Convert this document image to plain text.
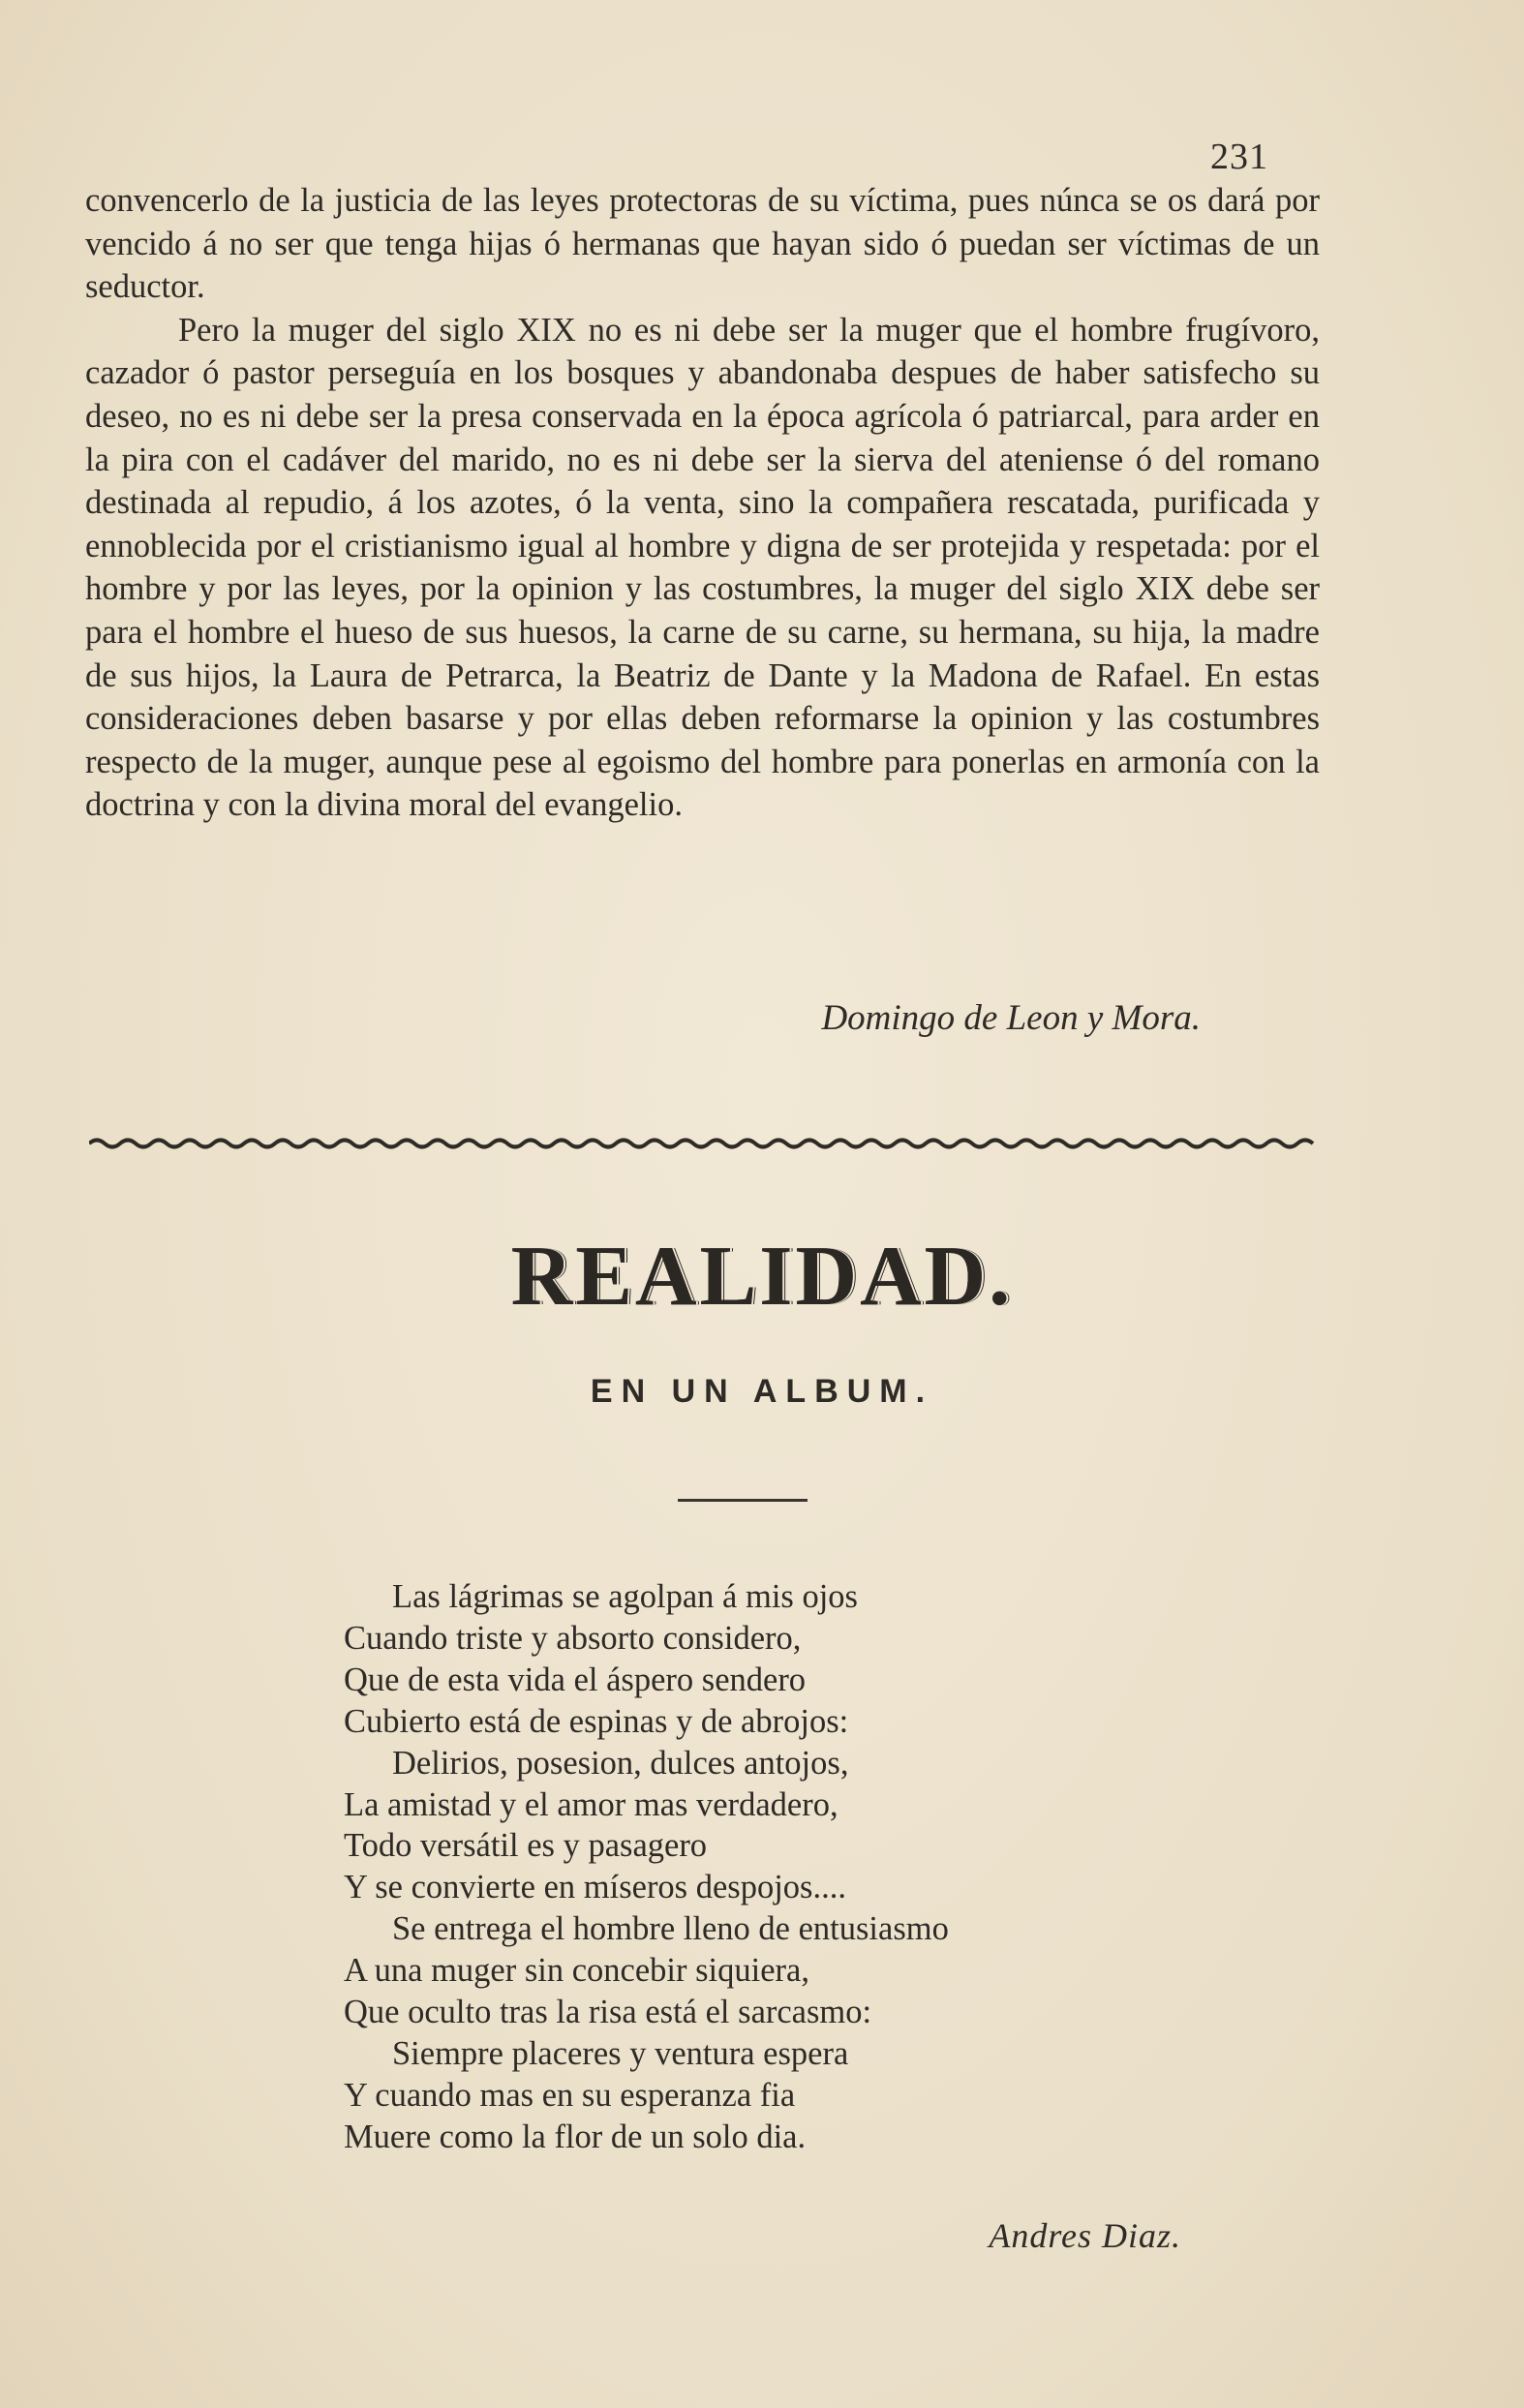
231

convencerlo de la justicia de las leyes protectoras de su víctima, pues núnca se os dará por vencido á no ser que tenga hijas ó hermanas que hayan sido ó puedan ser víctimas de un seductor.

Pero la muger del siglo XIX no es ni debe ser la muger que el hombre frugívoro, cazador ó pastor perseguía en los bosques y abandonaba despues de haber satisfecho su deseo, no es ni debe ser la presa conservada en la época agrícola ó patriarcal, para arder en la pira con el cadáver del marido, no es ni debe ser la sierva del ateniense ó del romano destinada al repudio, á los azotes, ó la venta, sino la compañera rescatada, purificada y ennoblecida por el cristianismo igual al hombre y digna de ser protejida y respetada: por el hombre y por las leyes, por la opinion y las costumbres, la muger del siglo XIX debe ser para el hombre el hueso de sus huesos, la carne de su carne, su hermana, su hija, la madre de sus hijos, la Laura de Petrarca, la Beatriz de Dante y la Madona de Rafael. En estas consideraciones deben basarse y por ellas deben reformarse la opinion y las costumbres respecto de la muger, aunque pese al egoismo del hombre para ponerlas en armonía con la doctrina y con la divina moral del evangelio.

Domingo de Leon y Mora.
REALIDAD.
EN UN ALBUM.
Las lágrimas se agolpan á mis ojos
Cuando triste y absorto considero,
Que de esta vida el áspero sendero
Cubierto está de espinas y de abrojos:
Delirios, posesion, dulces antojos,
La amistad y el amor mas verdadero,
Todo versátil es y pasagero
Y se convierte en míseros despojos....
Se entrega el hombre lleno de entusiasmo
A una muger sin concebir siquiera,
Que oculto tras la risa está el sarcasmo:
Siempre placeres y ventura espera
Y cuando mas en su esperanza fia
Muere como la flor de un solo dia.
Andres Diaz.
